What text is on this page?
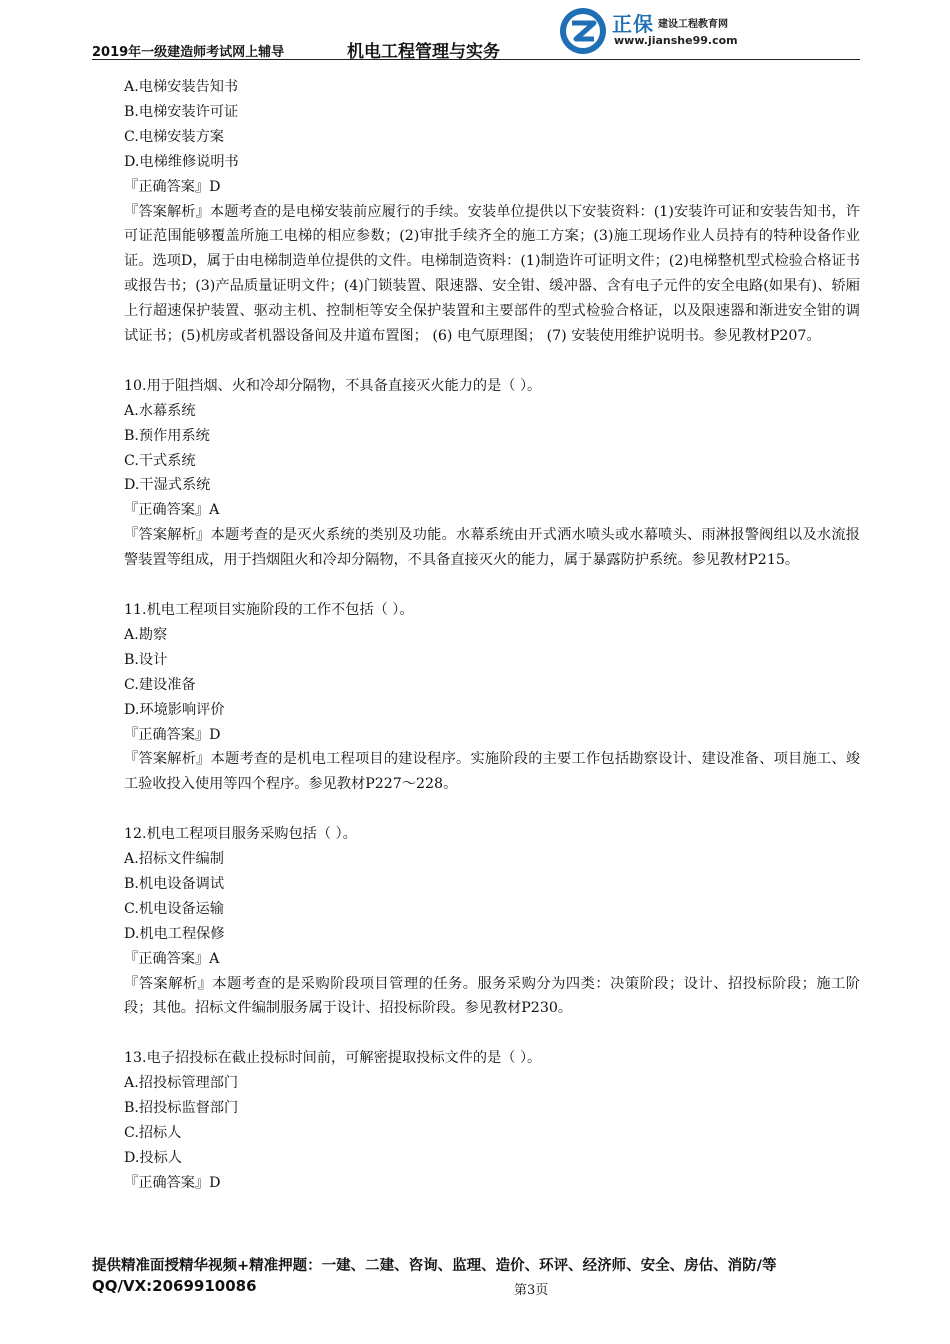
2019年一级建造师考试网上辅导	机电工程管理与实务
正保 建设工程教育网
www.jianshe99.com

A.电梯安装告知书

B.电梯安装许可证

C.电梯安装方案

D.电梯维修说明书

『正确答案』D

『答案解析』本题考查的是电梯安装前应履行的手续。安装单位提供以下安装资料：(1)安装许可证和安装告知书，许可证范围能够覆盖所施工电梯的相应参数；(2)审批手续齐全的施工方案；(3)施工现场作业人员持有的特种设备作业证。选项D，属于由电梯制造单位提供的文件。电梯制造资料：(1)制造许可证明文件；(2)电梯整机型式检验合格证书或报告书；(3)产品质量证明文件；(4)门锁装置、限速器、安全钳、缓冲器、含有电子元件的安全电路(如果有)、轿厢上行超速保护装置、驱动主机、控制柜等安全保护装置和主要部件的型式检验合格证，以及限速器和渐进安全钳的调试证书；(5)机房或者机器设备间及井道布置图； (6) 电气原理图； (7) 安装使用维护说明书。参见教材P207。

10.用于阻挡烟、火和冷却分隔物，不具备直接灭火能力的是（ ）。

A.水幕系统

B.预作用系统

C.干式系统

D.干湿式系统

『正确答案』A

『答案解析』本题考查的是灭火系统的类别及功能。水幕系统由开式洒水喷头或水幕喷头、雨淋报警阀组以及水流报警装置等组成，用于挡烟阻火和冷却分隔物，不具备直接灭火的能力，属于暴露防护系统。参见教材P215。

11.机电工程项目实施阶段的工作不包括（ ）。

A.勘察

B.设计

C.建设准备

D.环境影响评价

『正确答案』D

『答案解析』本题考查的是机电工程项目的建设程序。实施阶段的主要工作包括勘察设计、建设准备、项目施工、竣工验收投入使用等四个程序。参见教材P227～228。

12.机电工程项目服务采购包括（ ）。

A.招标文件编制

B.机电设备调试

C.机电设备运输

D.机电工程保修

『正确答案』A

『答案解析』本题考查的是采购阶段项目管理的任务。服务采购分为四类：决策阶段；设计、招投标阶段；施工阶段；其他。招标文件编制服务属于设计、招投标阶段。参见教材P230。

13.电子招投标在截止投标时间前，可解密提取投标文件的是（ ）。

A.招投标管理部门

B.招投标监督部门

C.招标人

D.投标人

『正确答案』D

提供精准面授精华视频+精准押题：一建、二建、咨询、监理、造价、环评、经济师、安全、房估、消防/等
QQ/VX:2069910086	第3页
